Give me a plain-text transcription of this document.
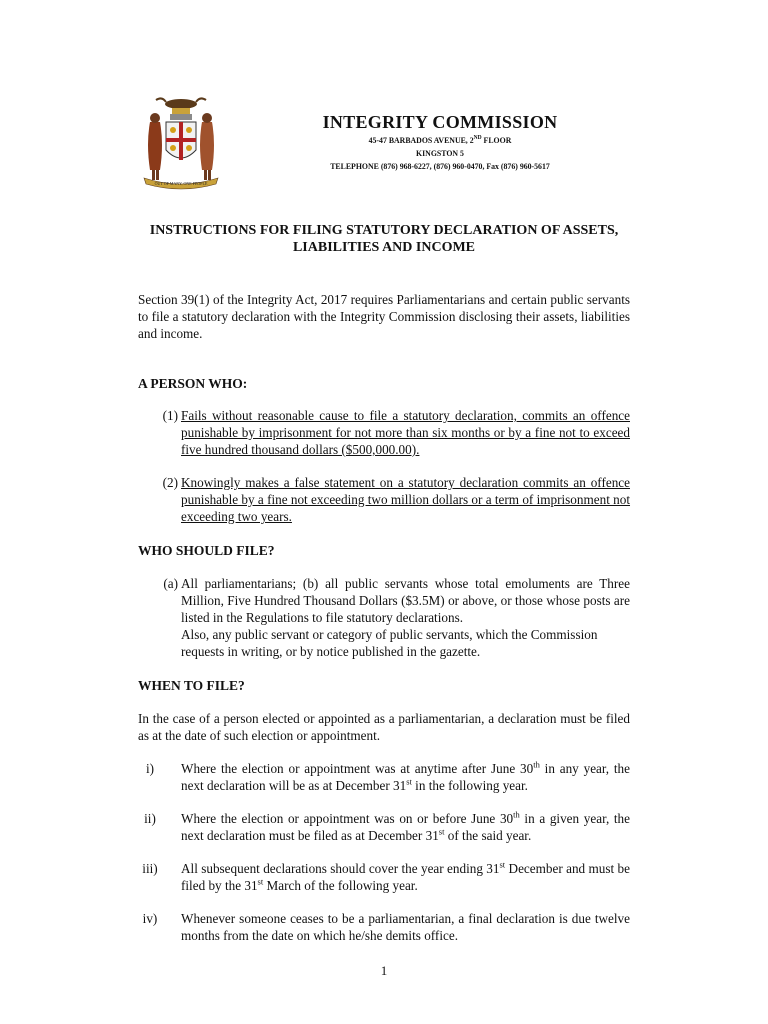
OUT OF MANY, ONE PEOPLE

INTEGRITY COMMISSION

45-47 BARBADOS AVENUE, 2ND FLOOR

KINGSTON 5

TELEPHONE (876) 968-6227, (876) 960-0470, Fax (876) 960-5617

INSTRUCTIONS FOR FILING STATUTORY DECLARATION OF ASSETS,
LIABILITIES AND INCOME
Section 39(1) of the Integrity Act, 2017 requires Parliamentarians and certain public servants to file a statutory declaration with the Integrity Commission disclosing their assets, liabilities and income.
A PERSON WHO:
(1) Fails without reasonable cause to file a statutory declaration, commits an offence punishable by imprisonment for not more than six months or by a fine not to exceed five hundred thousand dollars ($500,000.00).
(2) Knowingly makes a false statement on a statutory declaration commits an offence punishable by a fine not exceeding two million dollars or a term of imprisonment not exceeding two years.
WHO SHOULD FILE?
(a) All parliamentarians; (b) all public servants whose total emoluments are Three Million, Five Hundred Thousand Dollars ($3.5M) or above, or those whose posts are listed in the Regulations to file statutory declarations.
Also, any public servant or category of public servants, which the Commission requests in writing, or by notice published in the gazette.
WHEN TO FILE?
In the case of a person elected or appointed as a parliamentarian, a declaration must be filed as at the date of such election or appointment.
i)	Where the election or appointment was at anytime after June 30th in any year, the next declaration will be as at December 31st in the following year.
ii)	Where the election or appointment was on or before June 30th in a given year, the next declaration must be filed as at December 31st of the said year.
iii)	All subsequent declarations should cover the year ending 31st December and must be filed by the 31st March of the following year.
iv)	Whenever someone ceases to be a parliamentarian, a final declaration is due twelve months from the date on which he/she demits office.
1
